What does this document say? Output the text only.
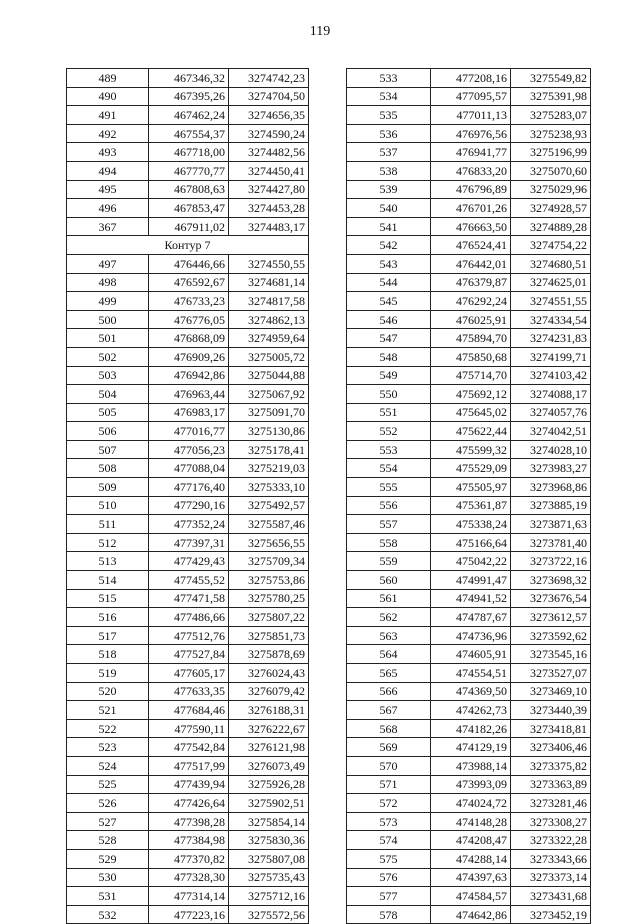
119
489	467346,32	3274742,23
490	467395,26	3274704,50
491	467462,24	3274656,35
492	467554,37	3274590,24
493	467718,00	3274482,56
494	467770,77	3274450,41
495	467808,63	3274427,80
496	467853,47	3274453,28
367	467911,02	3274483,17
Контур 7		
497	476446,66	3274550,55
498	476592,67	3274681,14
499	476733,23	3274817,58
500	476776,05	3274862,13
501	476868,09	3274959,64
502	476909,26	3275005,72
503	476942,86	3275044,88
504	476963,44	3275067,92
505	476983,17	3275091,70
506	477016,77	3275130,86
507	477056,23	3275178,41
508	477088,04	3275219,03
509	477176,40	3275333,10
510	477290,16	3275492,57
511	477352,24	3275587,46
512	477397,31	3275656,55
513	477429,43	3275709,34
514	477455,52	3275753,86
515	477471,58	3275780,25
516	477486,66	3275807,22
517	477512,76	3275851,73
518	477527,84	3275878,69
519	477605,17	3276024,43
520	477633,35	3276079,42
521	477684,46	3276188,31
522	477590,11	3276222,67
523	477542,84	3276121,98
524	477517,99	3276073,49
525	477439,94	3275926,28
526	477426,64	3275902,51
527	477398,28	3275854,14
528	477384,98	3275830,36
529	477370,82	3275807,08
530	477328,30	3275735,43
531	477314,14	3275712,16
532	477223,16	3275572,56
533	477208,16	3275549,82
534	477095,57	3275391,98
535	477011,13	3275283,07
536	476976,56	3275238,93
537	476941,77	3275196,99
538	476833,20	3275070,60
539	476796,89	3275029,96
540	476701,26	3274928,57
541	476663,50	3274889,28
542	476524,41	3274754,22
543	476442,01	3274680,51
544	476379,87	3274625,01
545	476292,24	3274551,55
546	476025,91	3274334,54
547	475894,70	3274231,83
548	475850,68	3274199,71
549	475714,70	3274103,42
550	475692,12	3274088,17
551	475645,02	3274057,76
552	475622,44	3274042,51
553	475599,32	3274028,10
554	475529,09	3273983,27
555	475505,97	3273968,86
556	475361,87	3273885,19
557	475338,24	3273871,63
558	475166,64	3273781,40
559	475042,22	3273722,16
560	474991,47	3273698,32
561	474941,52	3273676,54
562	474787,67	3273612,57
563	474736,96	3273592,62
564	474605,91	3273545,16
565	474554,51	3273527,07
566	474369,50	3273469,10
567	474262,73	3273440,39
568	474182,26	3273418,81
569	474129,19	3273406,46
570	473988,14	3273375,82
571	473993,09	3273363,89
572	474024,72	3273281,46
573	474148,28	3273308,27
574	474208,47	3273322,28
575	474288,14	3273343,66
576	474397,63	3273373,14
577	474584,57	3273431,68
578	474642,86	3273452,19
